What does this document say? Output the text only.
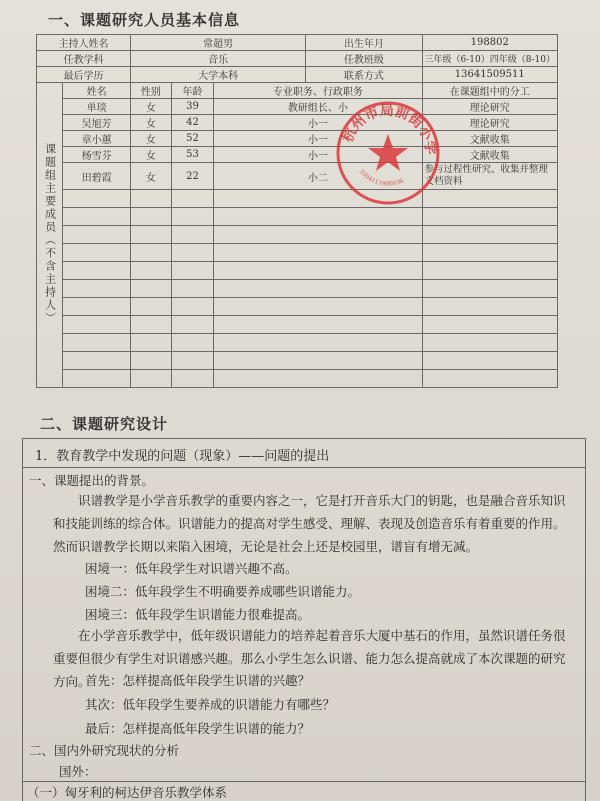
一、课题研究人员基本信息
主持人姓名		常超男			出生年月	198802
任教学科		音乐			任教班级	三年级（6-10）四年级（8-10）
最后学历		大学本科			联系方式	13641509511
课题组主要成员（不含主持人）	姓名	性别	年龄	专业职务、行政职务		在课题组中的分工
	单琰	女	39	教研组长、小		理论研究
	吴旭芳	女	42	小一		理论研究
	章小蕙	女	52	小一		文献收集
	杨雪芬	女	53	小一		文献收集
	田碧霞	女	22	小二		参与过程性研究、收集并整理文档资料

杭州市局前街小学
3304111900036
二、课题研究设计
1．教育教学中发现的问题（现象）——问题的提出
一、课题提出的背景。
识谱教学是小学音乐教学的重要内容之一，它是打开音乐大门的钥匙，也是融合音乐知识和技能训练的综合体。识谱能力的提高对学生感受、理解、表现及创造音乐有着重要的作用。然而识谱教学长期以来陷入困境，无论是社会上还是校园里，谱盲有增无减。
困境一：低年段学生对识谱兴趣不高。
困境二：低年段学生不明确要养成哪些识谱能力。
困境三：低年段学生识谱能力很难提高。
在小学音乐教学中，低年级识谱能力的培养起着音乐大厦中基石的作用，虽然识谱任务很重要但很少有学生对识谱感兴趣。那么小学生怎么识谱、能力怎么提高就成了本次课题的研究方向。
首先：怎样提高低年段学生识谱的兴趣？
其次：低年段学生要养成的识谱能力有哪些？
最后：怎样提高低年段学生识谱的能力？
二、国内外研究现状的分析
国外：
（一）匈牙利的柯达伊音乐教学体系
